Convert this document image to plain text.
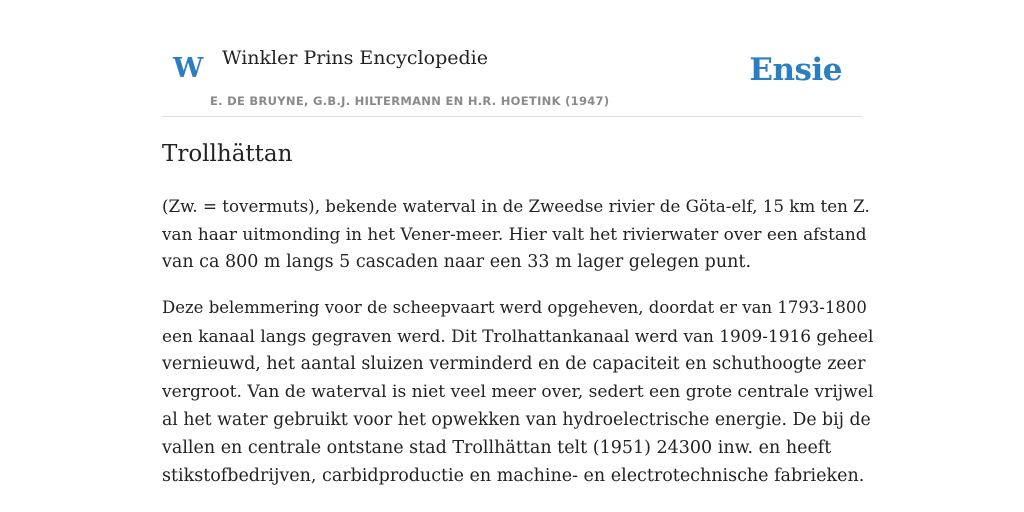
W Winkler Prins Encyclopedie
E. DE BRUYNE, G.B.J. HILTERMANN EN H.R. HOETINK (1947)
Ensie
Trollhättan

(Zw. = tovermuts), bekende waterval in de Zweedse rivier de Göta-elf, 15 km ten Z.
van haar uitmonding in het Vener-meer. Hier valt het rivierwater over een afstand
van ca 800 m langs 5 cascaden naar een 33 m lager gelegen punt.

Deze belemmering voor de scheepvaart werd opgeheven, doordat er van 1793-1800
een kanaal langs gegraven werd. Dit Trolhattankanaal werd van 1909-1916 geheel
vernieuwd, het aantal sluizen verminderd en de capaciteit en schuthoogte zeer
vergroot. Van de waterval is niet veel meer over, sedert een grote centrale vrijwel
al het water gebruikt voor het opwekken van hydroelectrische energie. De bij de
vallen en centrale ontstane stad Trollhättan telt (1951) 24300 inw. en heeft
stikstofbedrijven, carbidproductie en machine- en electrotechnische fabrieken.
